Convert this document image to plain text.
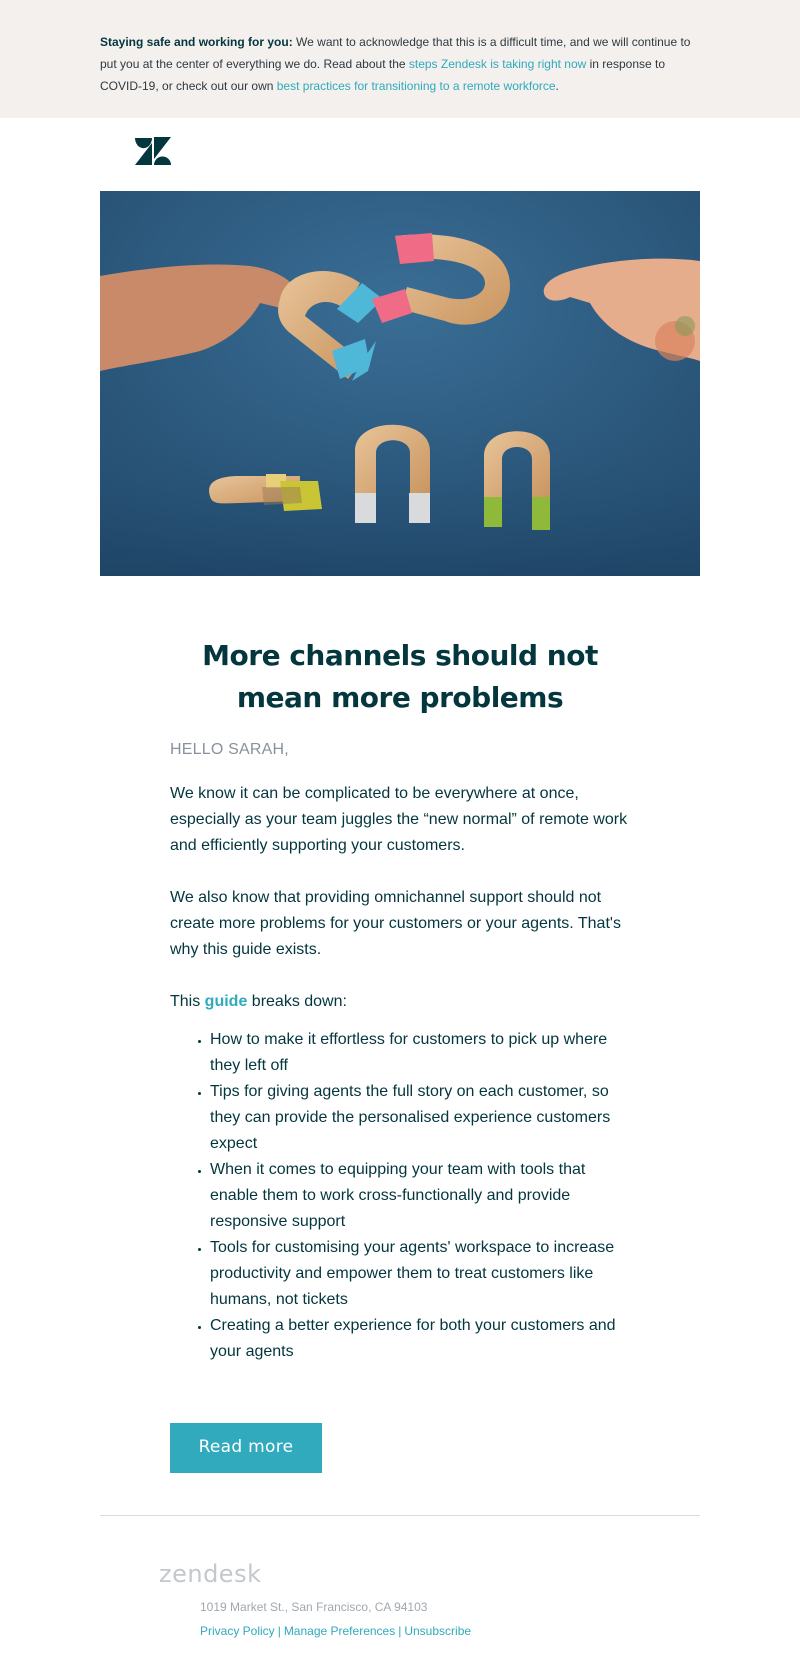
Staying safe and working for you: We want to acknowledge that this is a difficult time, and we will continue to put you at the center of everything we do. Read about the steps Zendesk is taking right now in response to COVID-19, or check out our own best practices for transitioning to a remote workforce.
More channels should not mean more problems
HELLO SARAH,

We know it can be complicated to be everywhere at once, especially as your team juggles the “new normal” of remote work and efficiently supporting your customers.

We also know that providing omnichannel support should not create more problems for your customers or your agents. That's why this guide exists.

This guide breaks down:

• How to make it effortless for customers to pick up where they left off
• Tips for giving agents the full story on each customer, so they can provide the personalised experience customers expect
• When it comes to equipping your team with tools that enable them to work cross-functionally and provide responsive support
• Tools for customising your agents' workspace to increase productivity and empower them to treat customers like humans, not tickets
• Creating a better experience for both your customers and your agents
Read more
zendesk
1019 Market St., San Francisco, CA 94103
Privacy Policy | Manage Preferences | Unsubscribe
